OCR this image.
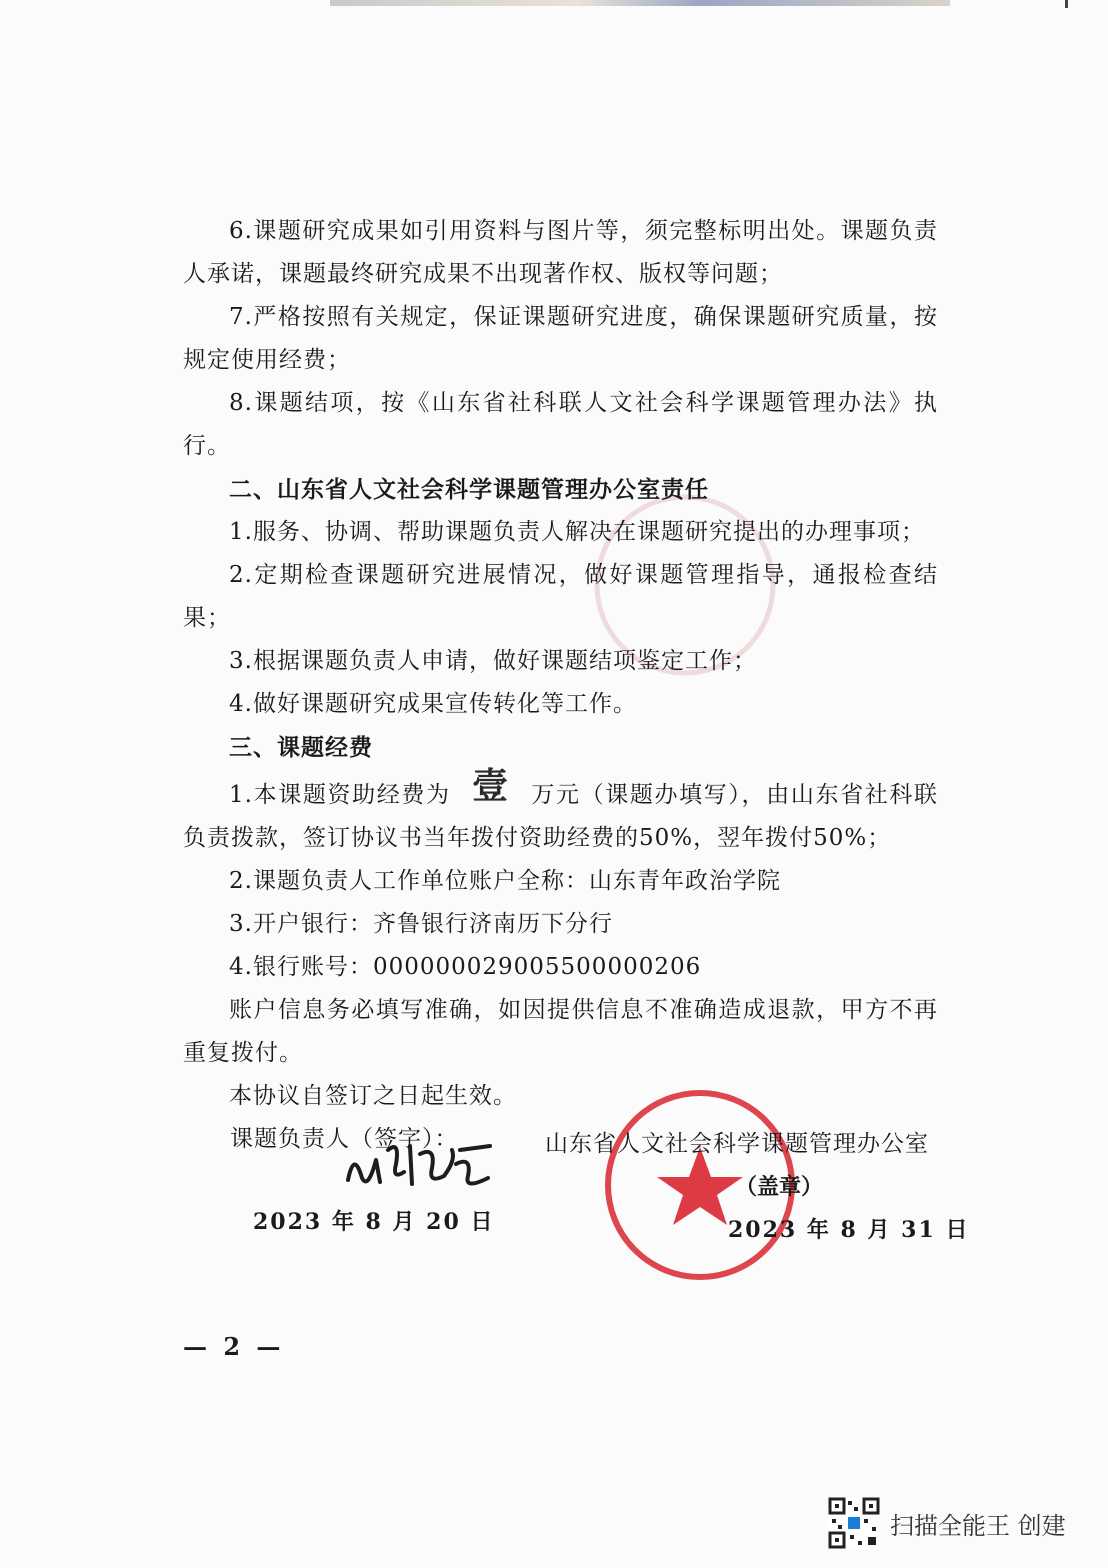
6.课题研究成果如引用资料与图片等，须完整标明出处。课题负责人承诺，课题最终研究成果不出现著作权、版权等问题；

7.严格按照有关规定，保证课题研究进度，确保课题研究质量，按规定使用经费；

8.课题结项，按《山东省社科联人文社会科学课题管理办法》执行。

二、山东省人文社会科学课题管理办公室责任

1.服务、协调、帮助课题负责人解决在课题研究提出的办理事项；

2.定期检查课题研究进展情况，做好课题管理指导，通报检查结果；

3.根据课题负责人申请，做好课题结项鉴定工作；

4.做好课题研究成果宣传转化等工作。

三、课题经费

1.本课题资助经费为 壹 万元（课题办填写），由山东省社科联负责拨款，签订协议书当年拨付资助经费的50%，翌年拨付50%；

2.课题负责人工作单位账户全称：山东青年政治学院

3.开户银行：齐鲁银行济南历下分行

4.银行账号：000000029005500000206

账户信息务必填写准确，如因提供信息不准确造成退款，甲方不再重复拨付。

本协议自签订之日起生效。

课题负责人（签字）：
2023 年 8 月 20 日
山东省人文社会科学课题管理办公室
（盖章）
2023 年 8 月 31 日
— 2 —
扫描全能王 创建
